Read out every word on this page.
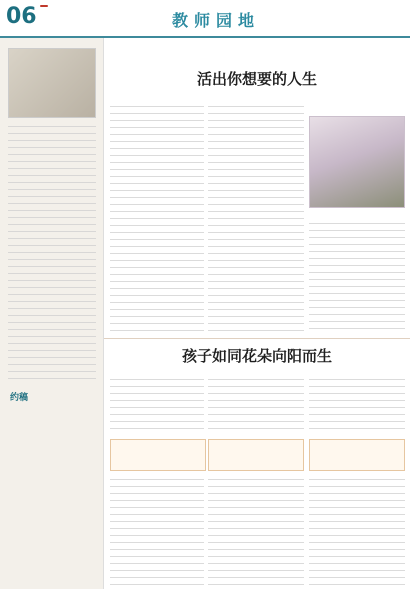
06	教师园地
约稿
活出你想要的人生
孩子如同花朵向阳而生
